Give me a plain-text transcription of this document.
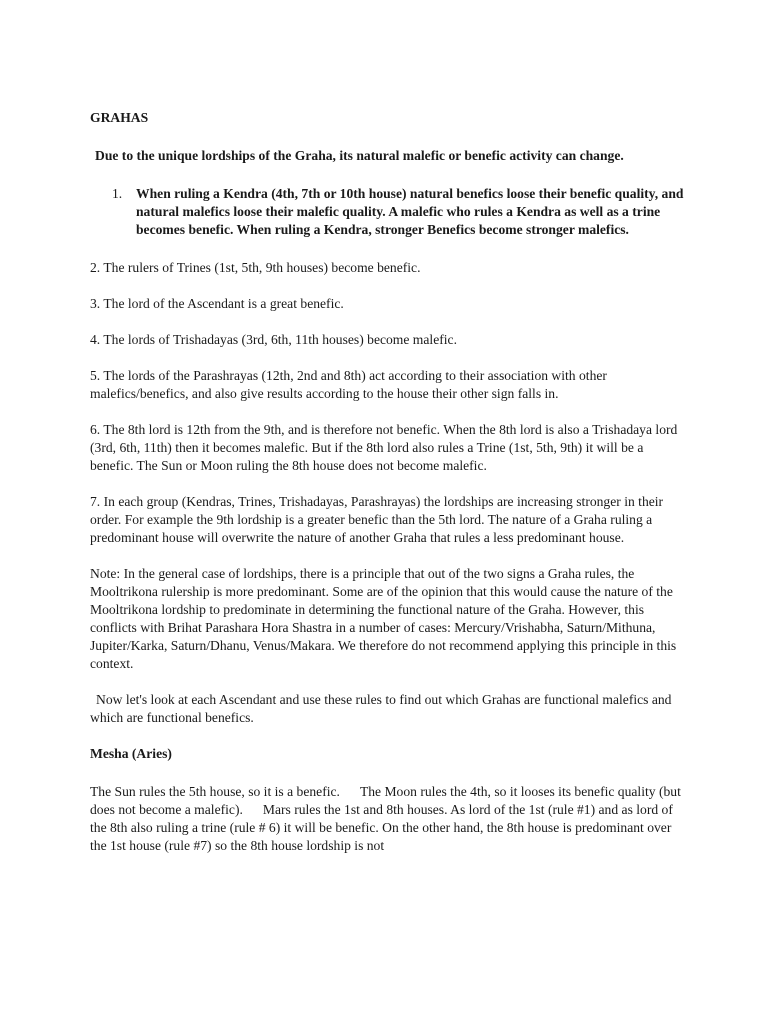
GRAHAS

Due to the unique lordships of the Graha, its natural malefic or benefic activity can change.

1. When ruling a Kendra (4th, 7th or 10th house) natural benefics loose their benefic quality, and natural malefics loose their malefic quality. A malefic who rules a Kendra as well as a trine becomes benefic. When ruling a Kendra, stronger Benefics become stronger malefics.

2. The rulers of Trines (1st, 5th, 9th houses) become benefic.

3. The lord of the Ascendant is a great benefic.

4. The lords of Trishadayas (3rd, 6th, 11th houses) become malefic.

5. The lords of the Parashrayas (12th, 2nd and 8th) act according to their association with other malefics/benefics, and also give results according to the house their other sign falls in.

6. The 8th lord is 12th from the 9th, and is therefore not benefic. When the 8th lord is also a Trishadaya lord (3rd, 6th, 11th) then it becomes malefic. But if the 8th lord also rules a Trine (1st, 5th, 9th) it will be a benefic. The Sun or Moon ruling the 8th house does not become malefic.

7. In each group (Kendras, Trines, Trishadayas, Parashrayas) the lordships are increasing stronger in their order. For example the 9th lordship is a greater benefic than the 5th lord. The nature of a Graha ruling a predominant house will overwrite the nature of another Graha that rules a less predominant house.

Note: In the general case of lordships, there is a principle that out of the two signs a Graha rules, the Mooltrikona rulership is more predominant. Some are of the opinion that this would cause the nature of the Mooltrikona lordship to predominate in determining the functional nature of the Graha. However, this conflicts with Brihat Parashara Hora Shastra in a number of cases: Mercury/Vrishabha, Saturn/Mithuna, Jupiter/Karka, Saturn/Dhanu, Venus/Makara. We therefore do not recommend applying this principle in this context.

Now let's look at each Ascendant and use these rules to find out which Grahas are functional malefics and which are functional benefics.

Mesha (Aries)

The Sun rules the 5th house, so it is a benefic. The Moon rules the 4th, so it looses its benefic quality (but does not become a malefic). Mars rules the 1st and 8th houses. As lord of the 1st (rule #1) and as lord of the 8th also ruling a trine (rule # 6) it will be benefic. On the other hand, the 8th house is predominant over the 1st house (rule #7) so the 8th house lordship is not
